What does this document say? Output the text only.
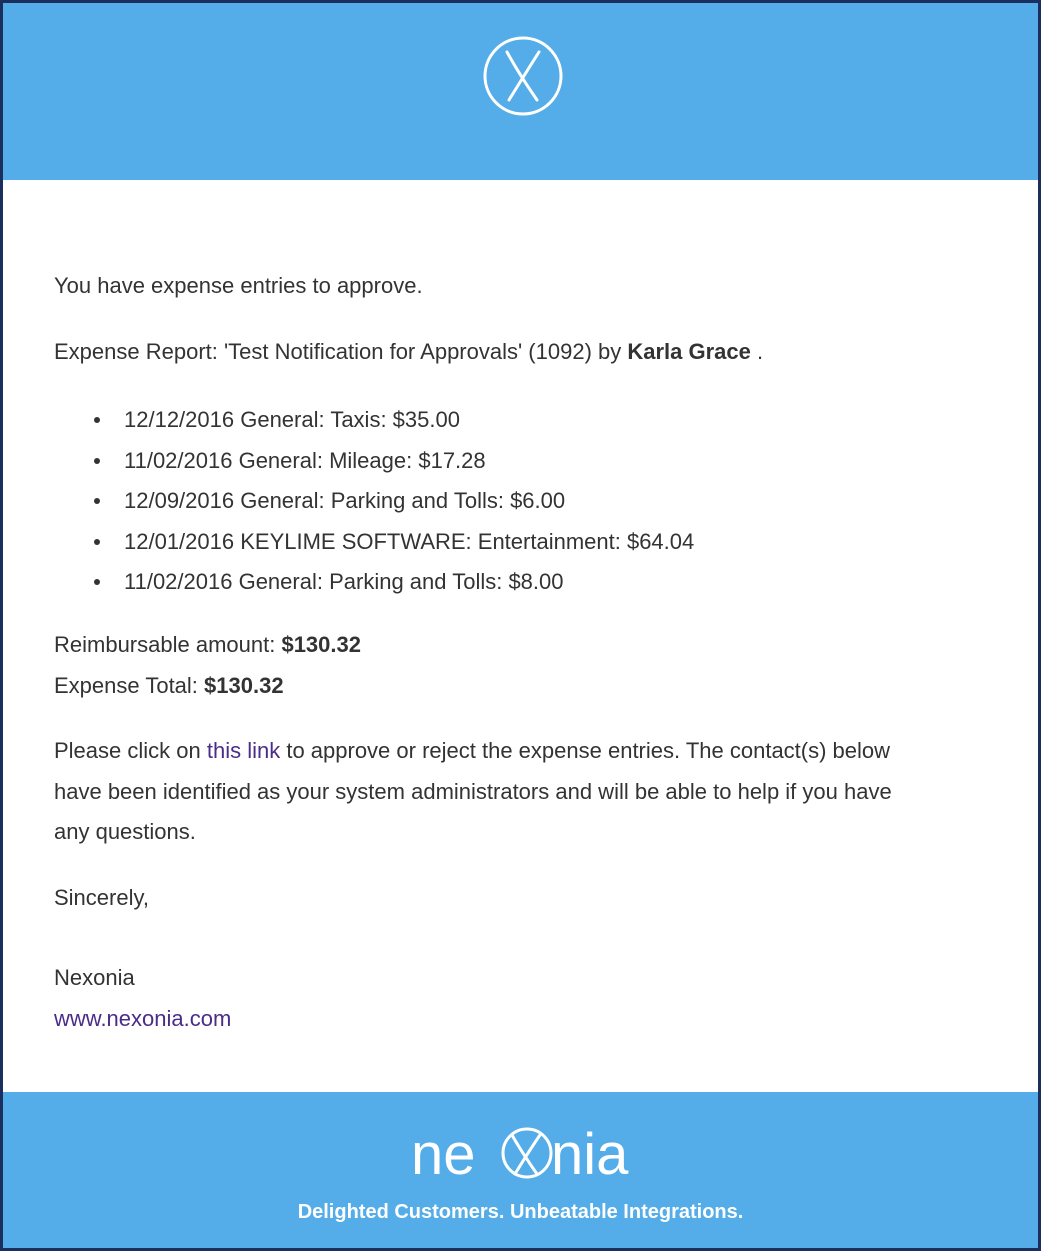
You have expense entries to approve.
Expense Report: 'Test Notification for Approvals' (1092) by Karla Grace .
12/12/2016 General: Taxis: $35.00
11/02/2016 General: Mileage: $17.28
12/09/2016 General: Parking and Tolls: $6.00
12/01/2016 KEYLIME SOFTWARE: Entertainment: $64.04
11/02/2016 General: Parking and Tolls: $8.00
Reimbursable amount: $130.32
Expense Total: $130.32
Please click on this link to approve or reject the expense entries. The contact(s) below
have been identified as your system administrators and will be able to help if you have
any questions.
Sincerely,
Nexonia
www.nexonia.com
ne nia
Delighted Customers. Unbeatable Integrations.
